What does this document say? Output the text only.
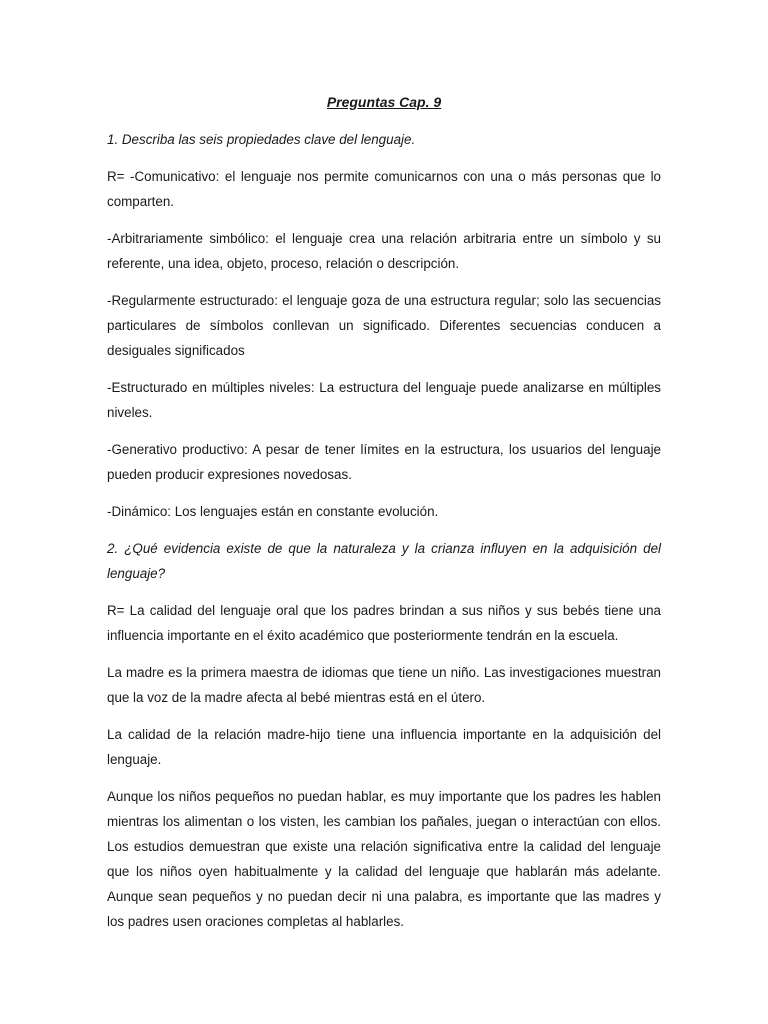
Preguntas Cap. 9

1. Describa las seis propiedades clave del lenguaje.

R= -Comunicativo: el lenguaje nos permite comunicarnos con una o más personas que lo comparten.

-Arbitrariamente simbólico: el lenguaje crea una relación arbitraria entre un símbolo y su referente, una idea, objeto, proceso, relación o descripción.

-Regularmente estructurado: el lenguaje goza de una estructura regular; solo las secuencias particulares de símbolos conllevan un significado. Diferentes secuencias conducen a desiguales significados

-Estructurado en múltiples niveles: La estructura del lenguaje puede analizarse en múltiples niveles.

-Generativo productivo: A pesar de tener límites en la estructura, los usuarios del lenguaje pueden producir expresiones novedosas.

-Dinámico: Los lenguajes están en constante evolución.

2. ¿Qué evidencia existe de que la naturaleza y la crianza influyen en la adquisición del lenguaje?

R= La calidad del lenguaje oral que los padres brindan a sus niños y sus bebés tiene una influencia importante en el éxito académico que posteriormente tendrán en la escuela.

La madre es la primera maestra de idiomas que tiene un niño. Las investigaciones muestran que la voz de la madre afecta al bebé mientras está en el útero.

La calidad de la relación madre-hijo tiene una influencia importante en la adquisición del lenguaje.

Aunque los niños pequeños no puedan hablar, es muy importante que los padres les hablen mientras los alimentan o los visten, les cambian los pañales, juegan o interactúan con ellos. Los estudios demuestran que existe una relación significativa entre la calidad del lenguaje que los niños oyen habitualmente y la calidad del lenguaje que hablarán más adelante. Aunque sean pequeños y no puedan decir ni una palabra, es importante que las madres y los padres usen oraciones completas al hablarles.
